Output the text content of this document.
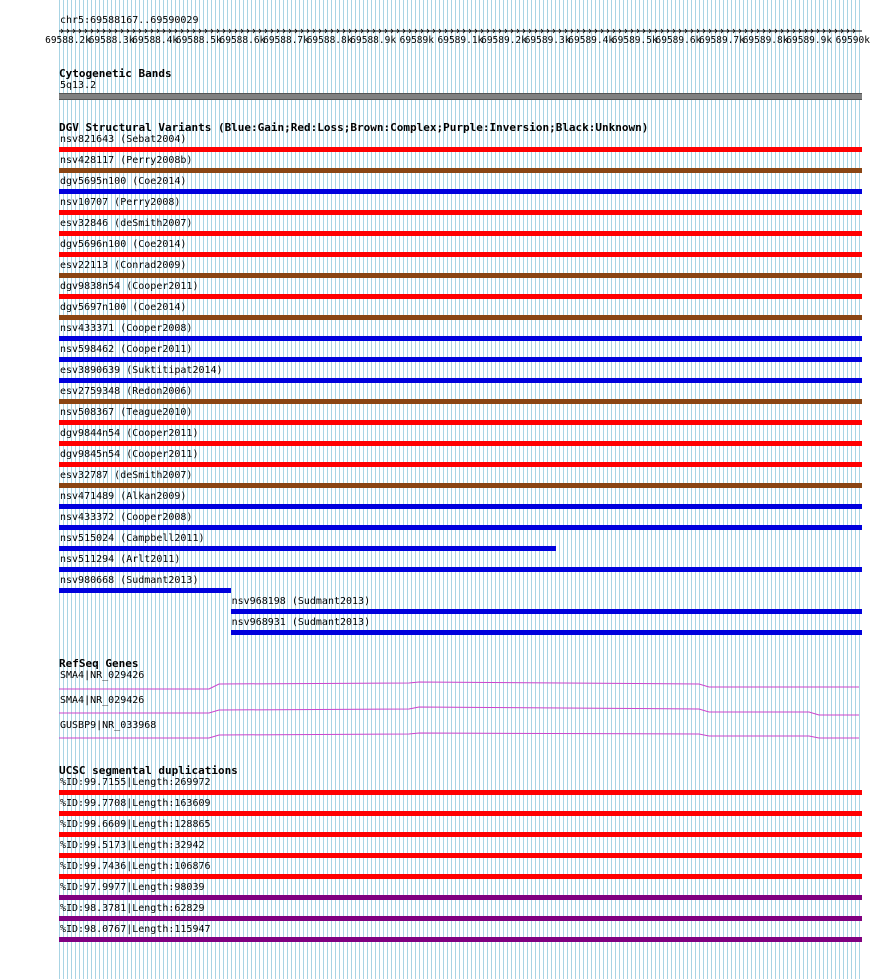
chr5:69588167..69590029
69588.2k
69588.3k
69588.4k
69588.5k
69588.6k
69588.7k
69588.8k
69588.9k 69589k 69589.1k
69589.2k
69589.3k
69589.4k
69589.5k
69589.6k
69589.7k
69589.8k
69589.9k 69590k
Cytogenetic Bands
5q13.2
DGV Structural Variants (Blue:Gain;Red:Loss;Brown:Complex;Purple:Inversion;Black:Unknown)
nsv821643 (Sebat2004)
nsv428117 (Perry2008b)
dgv5695n100 (Coe2014)
nsv10707 (Perry2008)
esv32846 (deSmith2007)
dgv5696n100 (Coe2014)
esv22113 (Conrad2009)
dgv9838n54 (Cooper2011)
dgv5697n100 (Coe2014)
nsv433371 (Cooper2008)
nsv598462 (Cooper2011)
esv3890639 (Suktitipat2014)
esv2759348 (Redon2006)
nsv508367 (Teague2010)
dgv9844n54 (Cooper2011)
dgv9845n54 (Cooper2011)
esv32787 (deSmith2007)
nsv471489 (Alkan2009)
nsv433372 (Cooper2008)
nsv515024 (Campbell2011)
nsv511294 (Arlt2011)
nsv980668 (Sudmant2013)
nsv968198 (Sudmant2013)
nsv968931 (Sudmant2013)
RefSeq Genes
SMA4|NR_029426
SMA4|NR_029426
GUSBP9|NR_033968
UCSC segmental duplications
%ID:99.7155|Length:269972
%ID:99.7708|Length:163609
%ID:99.6609|Length:128865
%ID:99.5173|Length:32942
%ID:99.7436|Length:106876
%ID:97.9977|Length:98039
%ID:98.3781|Length:62829
%ID:98.0767|Length:115947
